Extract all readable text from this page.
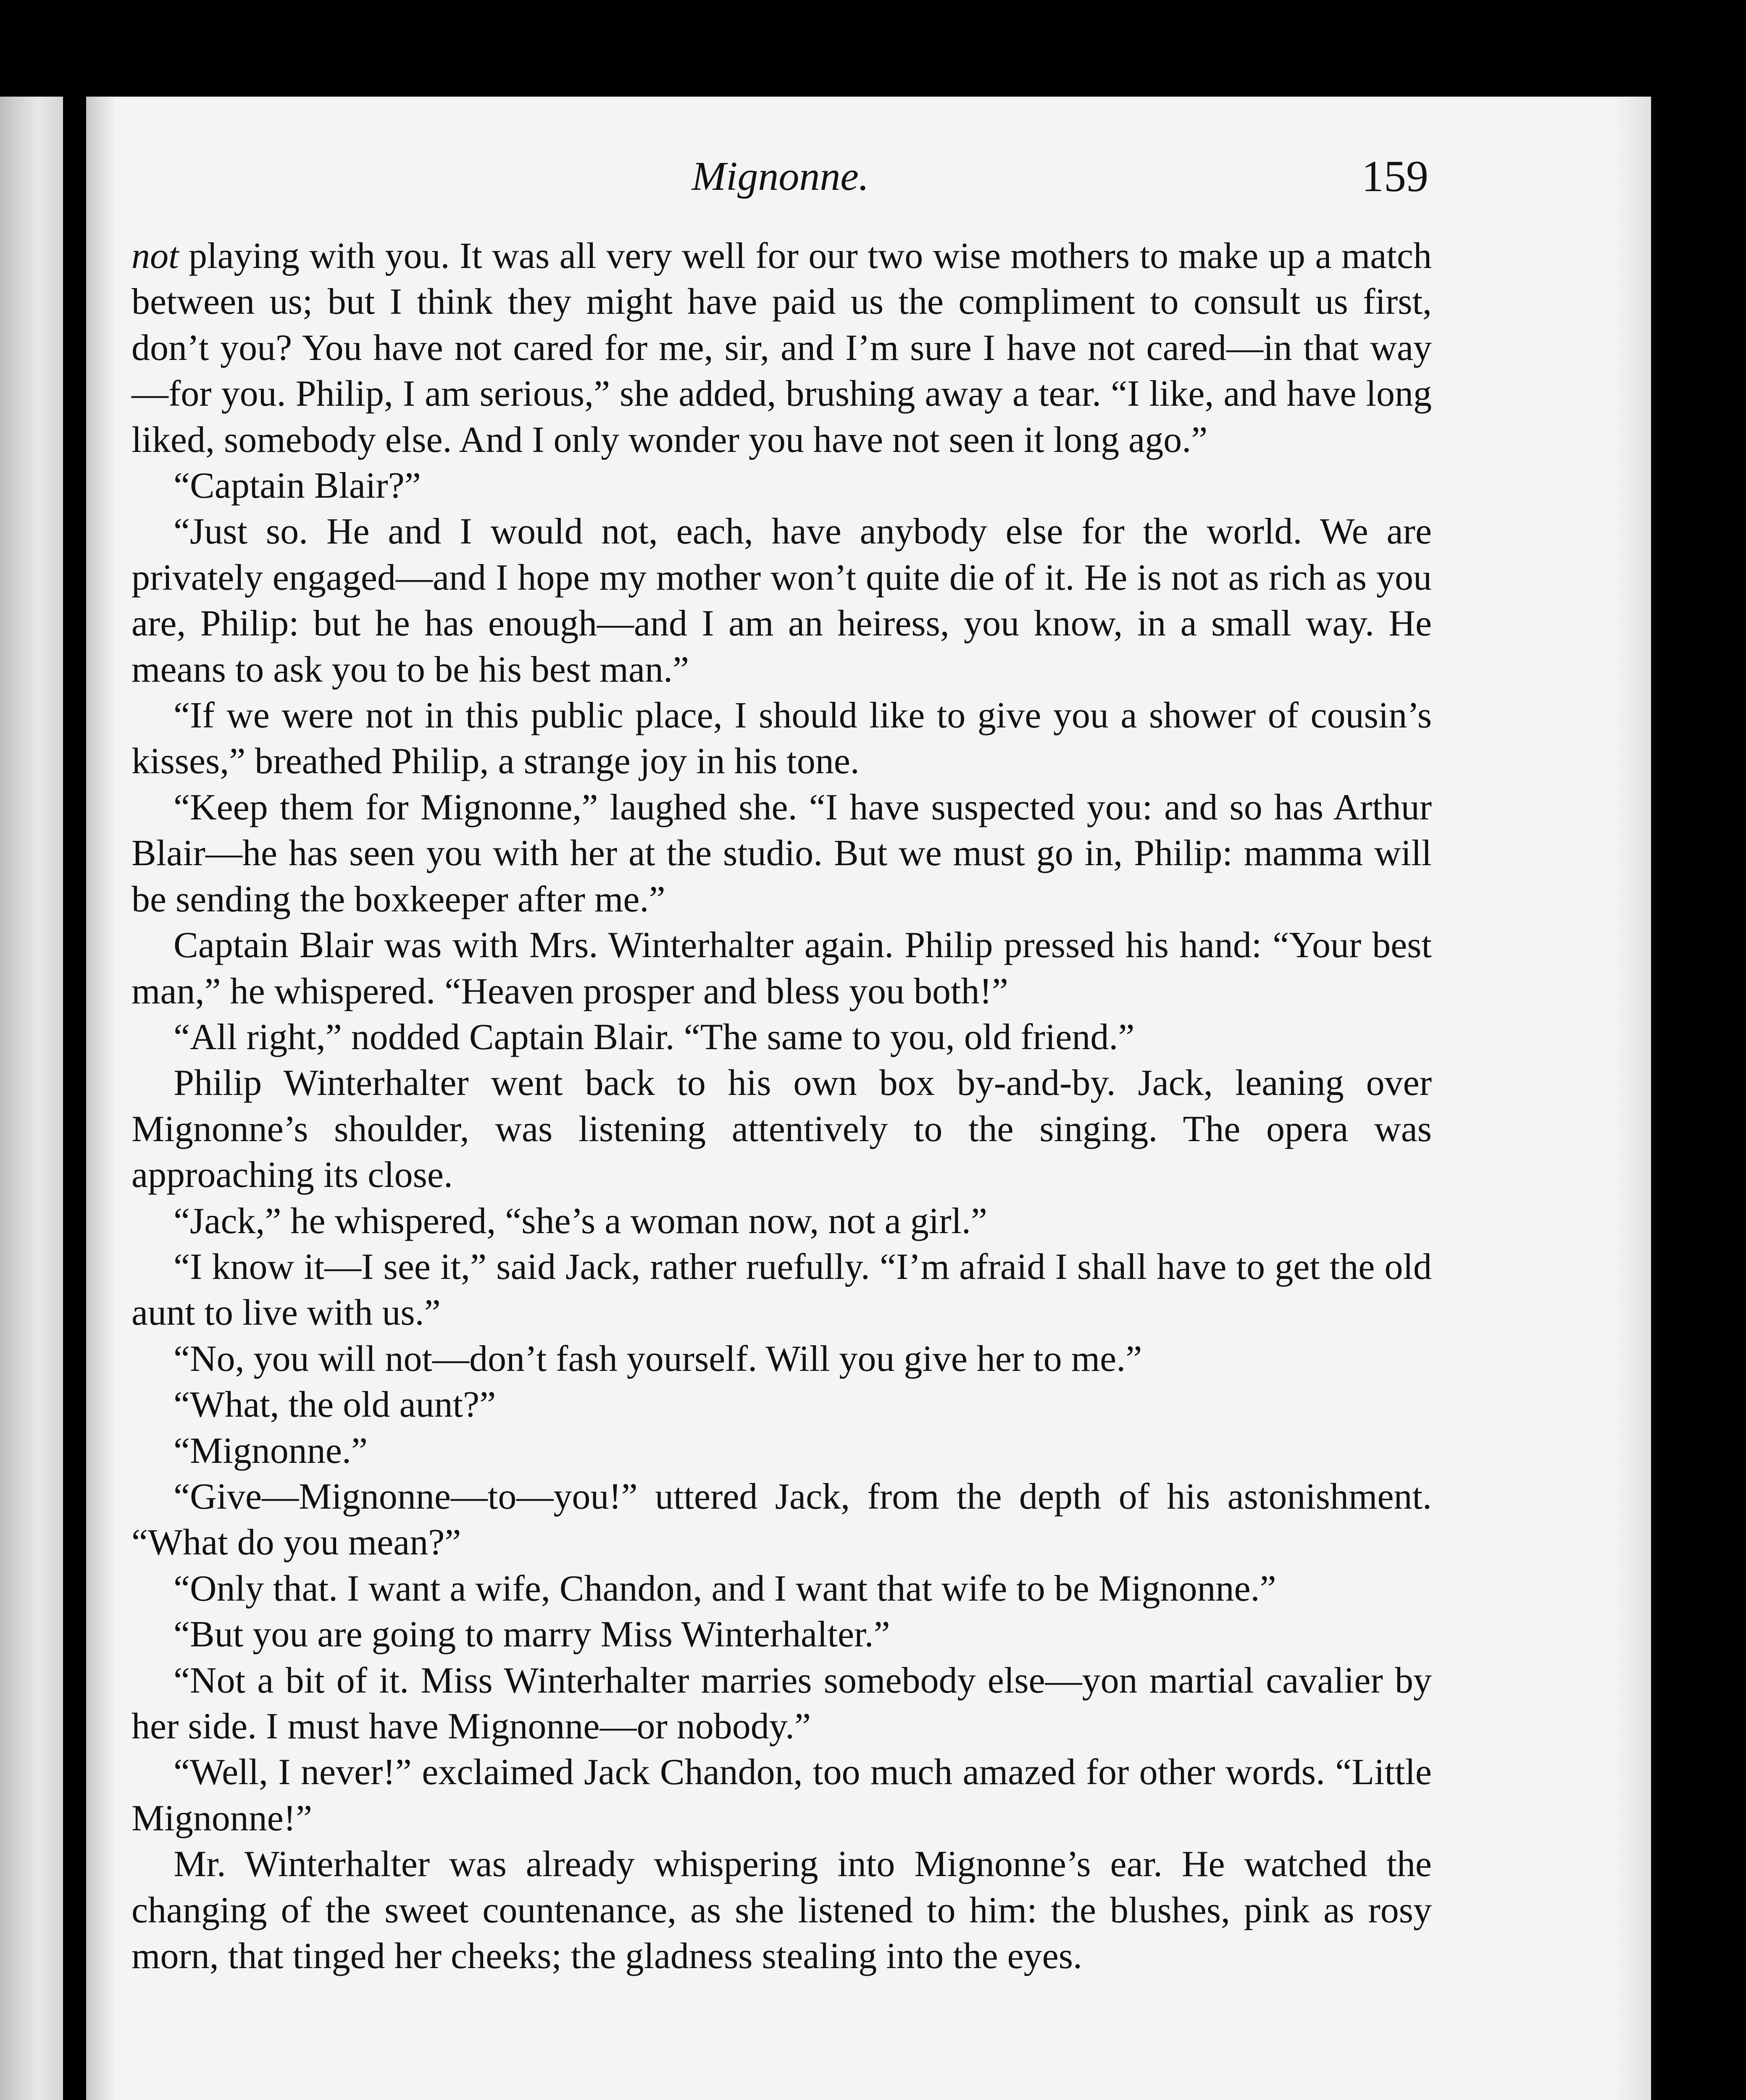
Mignonne.	159

not playing with you. It was all very well for our two wise mothers to make up a match between us; but I think they might have paid us the compliment to consult us first, don’t you? You have not cared for me, sir, and I’m sure I have not cared—in that way—for you. Philip, I am serious,” she added, brushing away a tear. “I like, and have long liked, somebody else. And I only wonder you have not seen it long ago.”

“Captain Blair?”

“Just so. He and I would not, each, have anybody else for the world. We are privately engaged—and I hope my mother won’t quite die of it. He is not as rich as you are, Philip: but he has enough—and I am an heiress, you know, in a small way. He means to ask you to be his best man.”

“If we were not in this public place, I should like to give you a shower of cousin’s kisses,” breathed Philip, a strange joy in his tone.

“Keep them for Mignonne,” laughed she. “I have suspected you: and so has Arthur Blair—he has seen you with her at the studio. But we must go in, Philip: mamma will be sending the boxkeeper after me.”

Captain Blair was with Mrs. Winterhalter again. Philip pressed his hand: “Your best man,” he whispered. “Heaven prosper and bless you both!”

“All right,” nodded Captain Blair. “The same to you, old friend.”

Philip Winterhalter went back to his own box by-and-by. Jack, leaning over Mignonne’s shoulder, was listening attentively to the singing. The opera was approaching its close.

“Jack,” he whispered, “she’s a woman now, not a girl.”

“I know it—I see it,” said Jack, rather ruefully. “I’m afraid I shall have to get the old aunt to live with us.”

“No, you will not—don’t fash yourself. Will you give her to me.”

“What, the old aunt?”

“Mignonne.”

“Give—Mignonne—to—you!” uttered Jack, from the depth of his astonishment. “What do you mean?”

“Only that. I want a wife, Chandon, and I want that wife to be Mignonne.”

“But you are going to marry Miss Winterhalter.”

“Not a bit of it. Miss Winterhalter marries somebody else—yon martial cavalier by her side. I must have Mignonne—or nobody.”

“Well, I never!” exclaimed Jack Chandon, too much amazed for other words. “Little Mignonne!”

Mr. Winterhalter was already whispering into Mignonne’s ear. He watched the changing of the sweet countenance, as she listened to him: the blushes, pink as rosy morn, that tinged her cheeks; the gladness stealing into the eyes.
